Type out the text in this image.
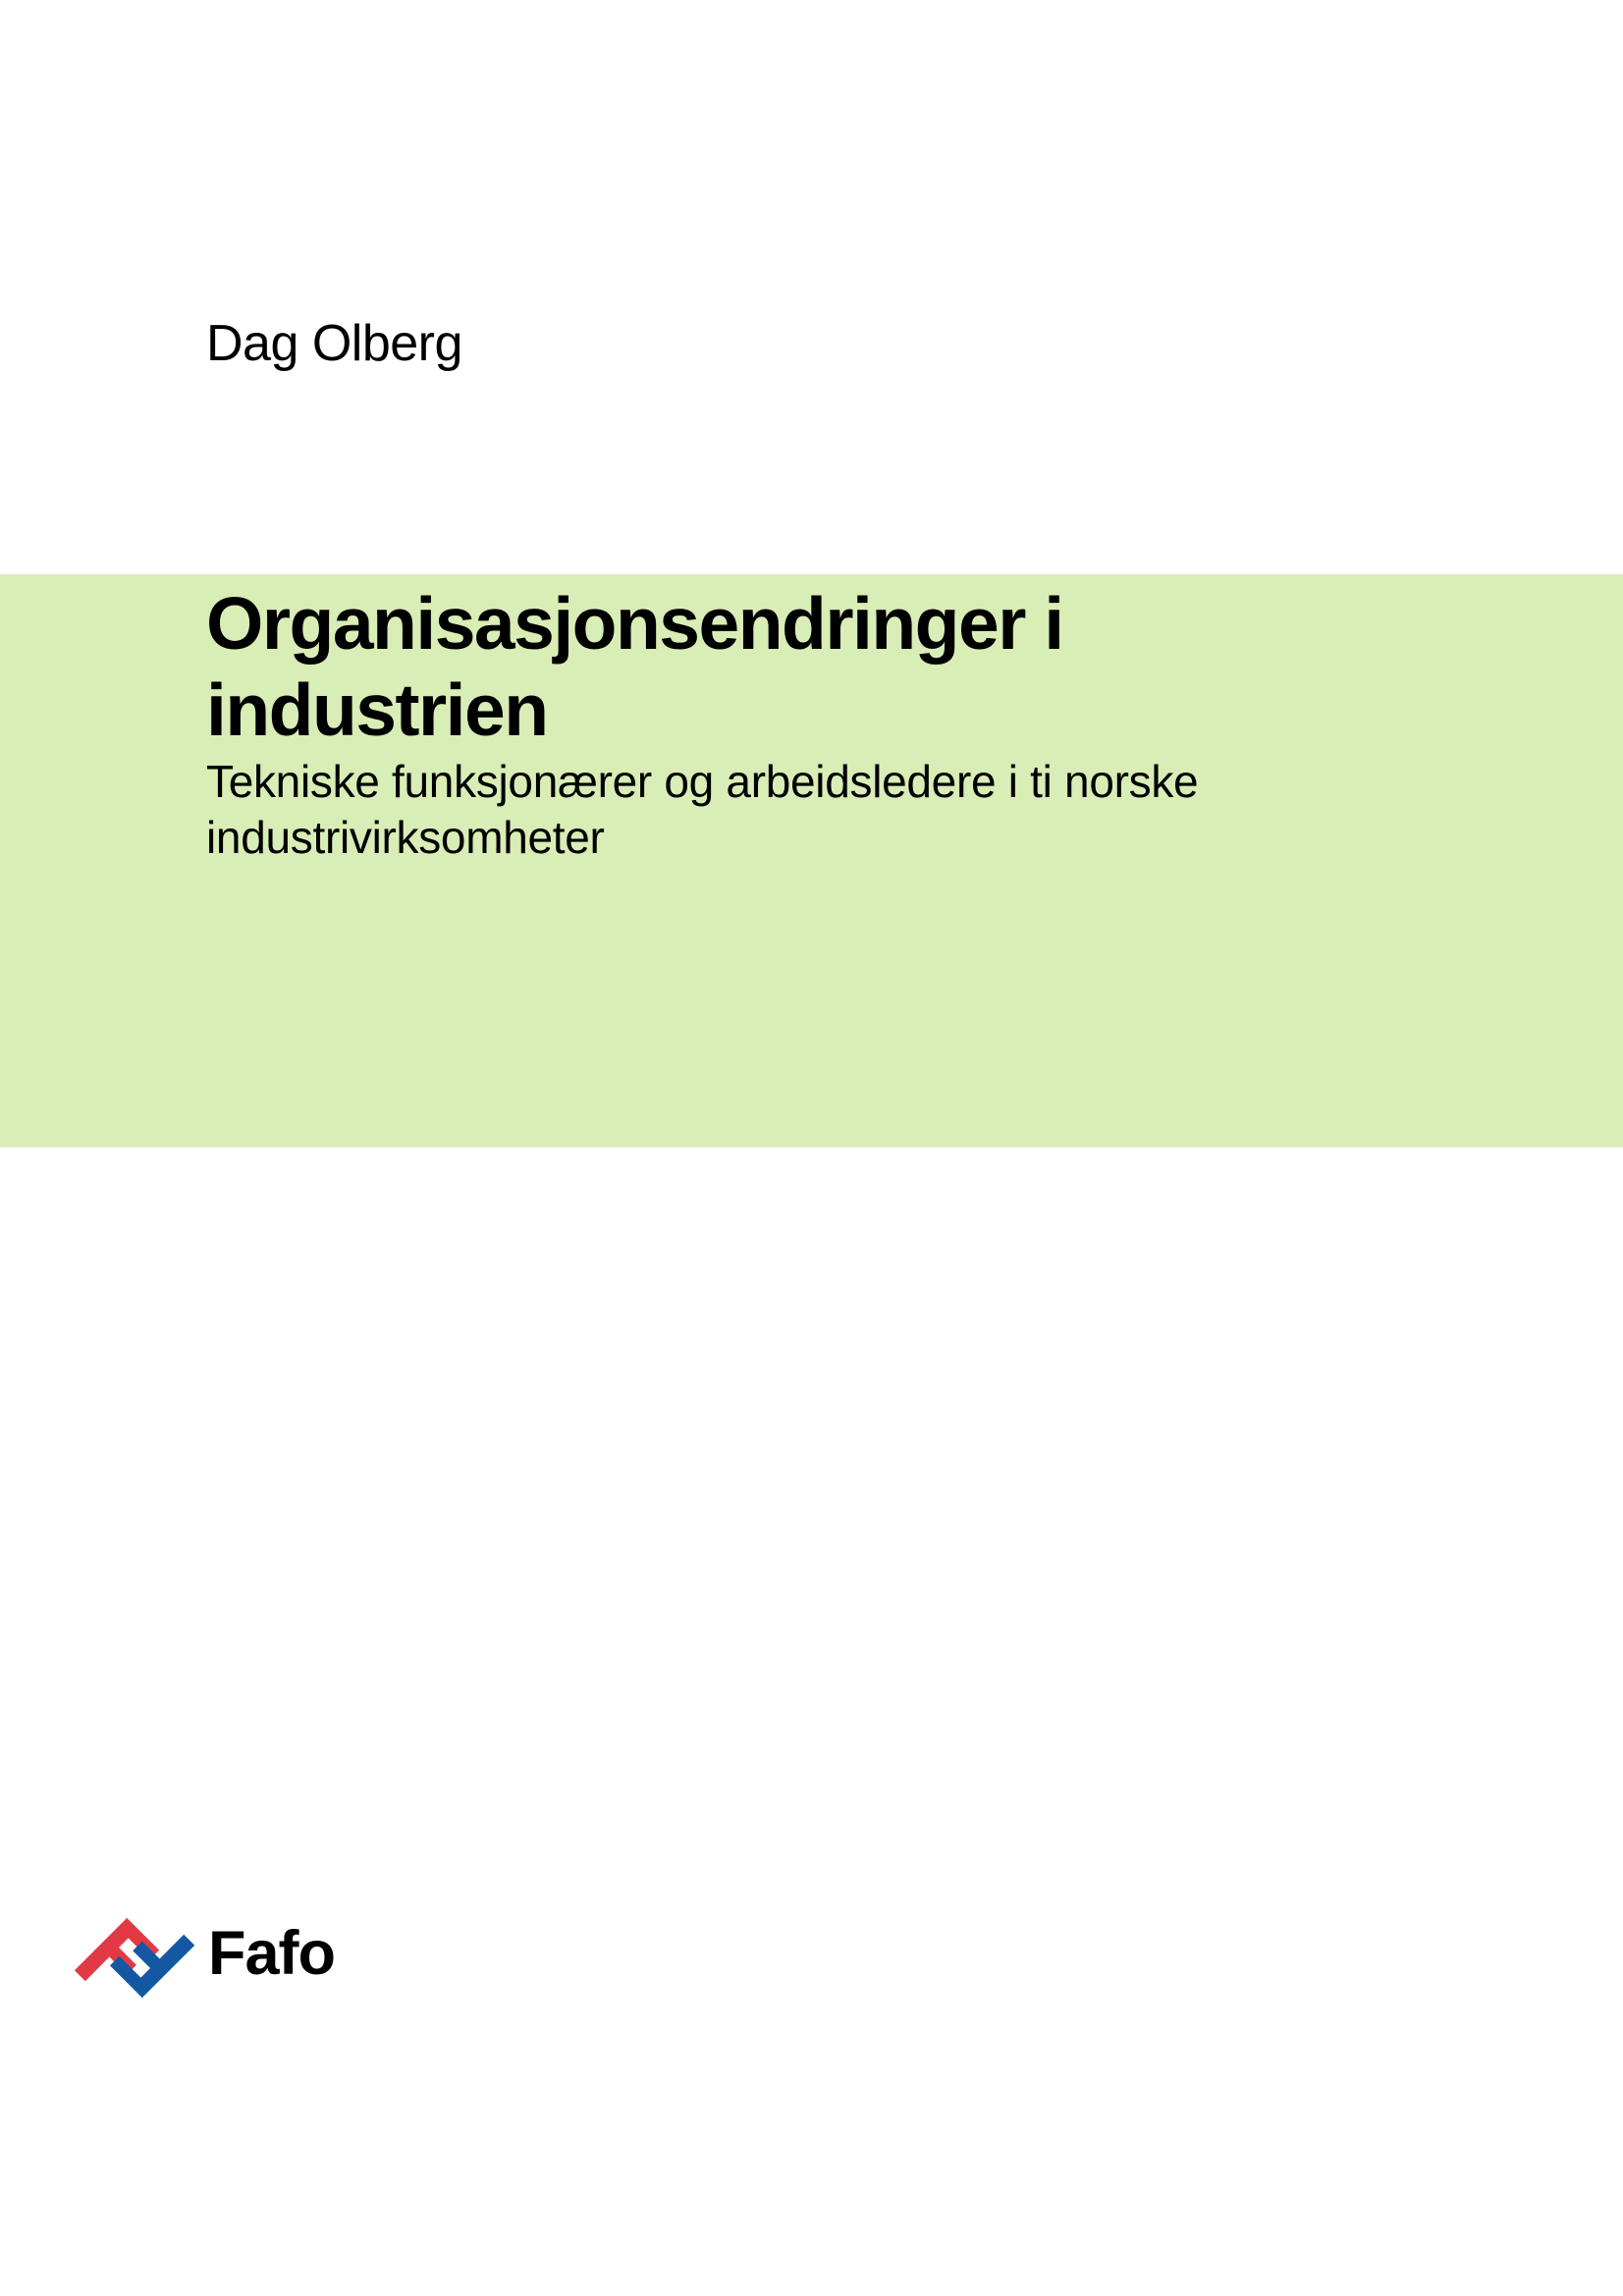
Dag Olberg
Organisasjonsendringer i
industrien

Tekniske funksjonærer og arbeidsledere i ti norske
industrivirksomheter

Fafo
